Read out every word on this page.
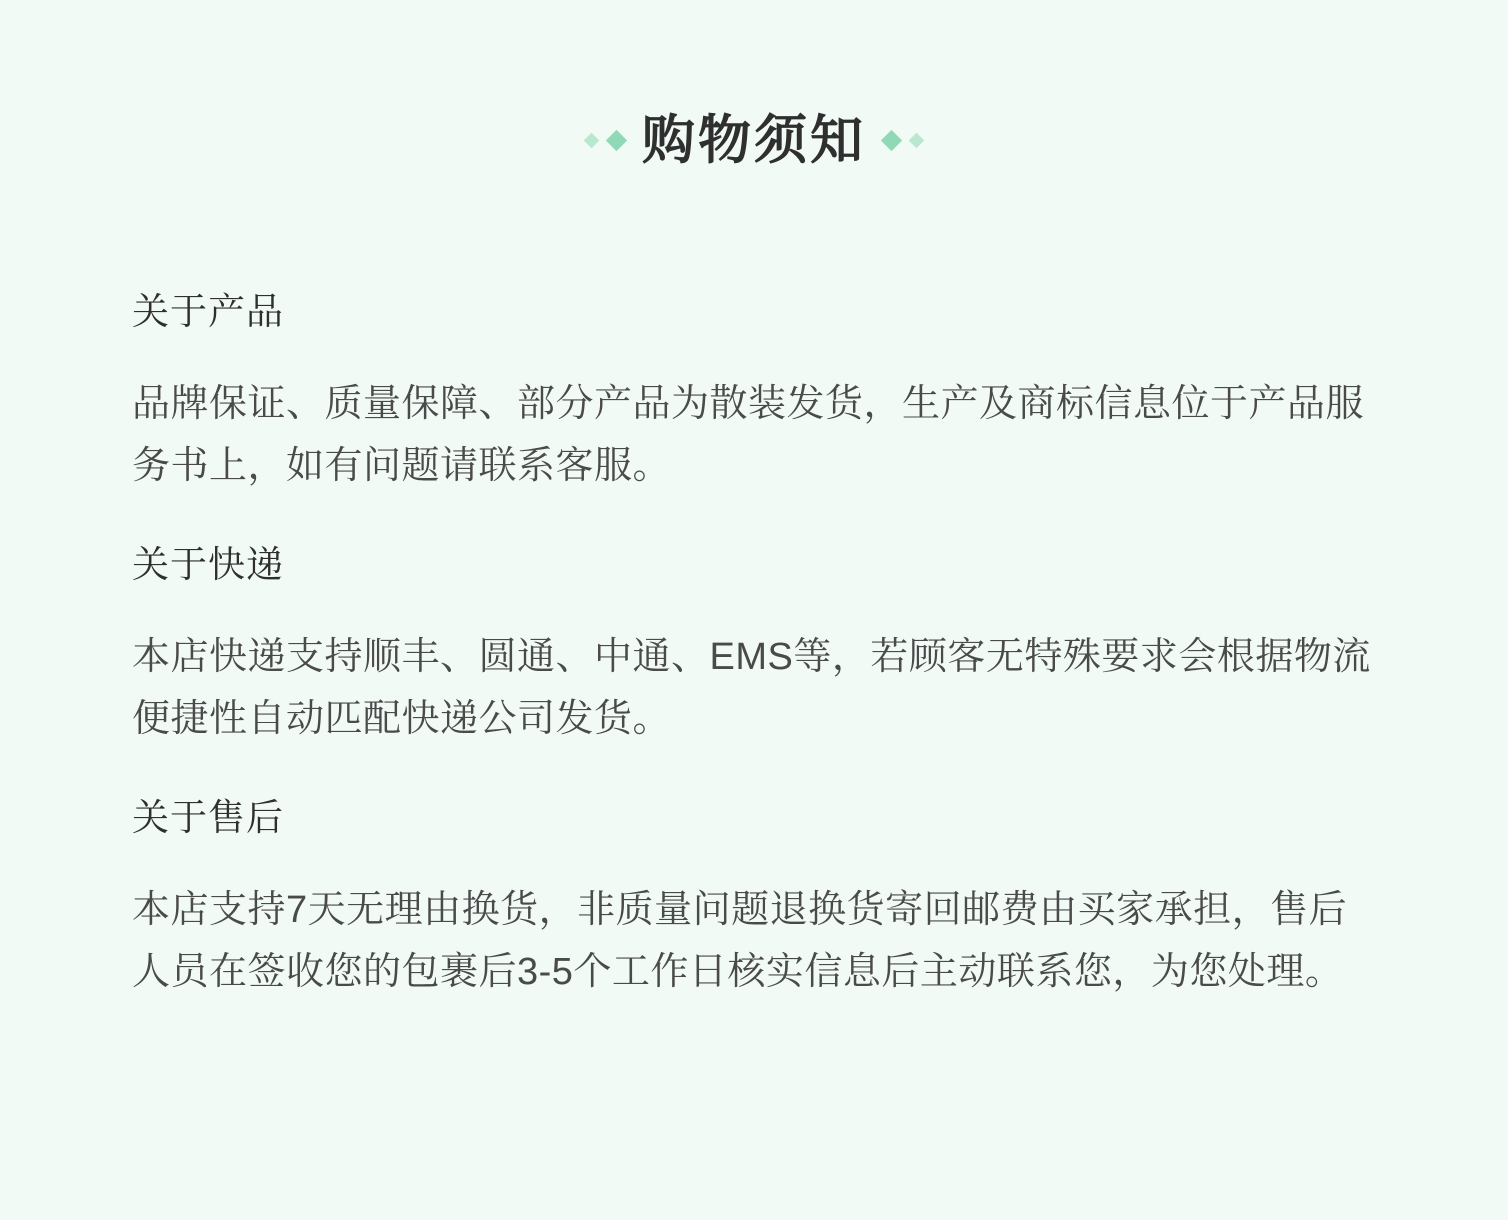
购物须知
关于产品

品牌保证、质量保障、部分产品为散装发货，生产及商标信息位于产品服务书上，如有问题请联系客服。

关于快递

本店快递支持顺丰、圆通、中通、EMS等，若顾客无特殊要求会根据物流便捷性自动匹配快递公司发货。

关于售后

本店支持7天无理由换货，非质量问题退换货寄回邮费由买家承担，售后人员在签收您的包裹后3-5个工作日核实信息后主动联系您，为您处理。
